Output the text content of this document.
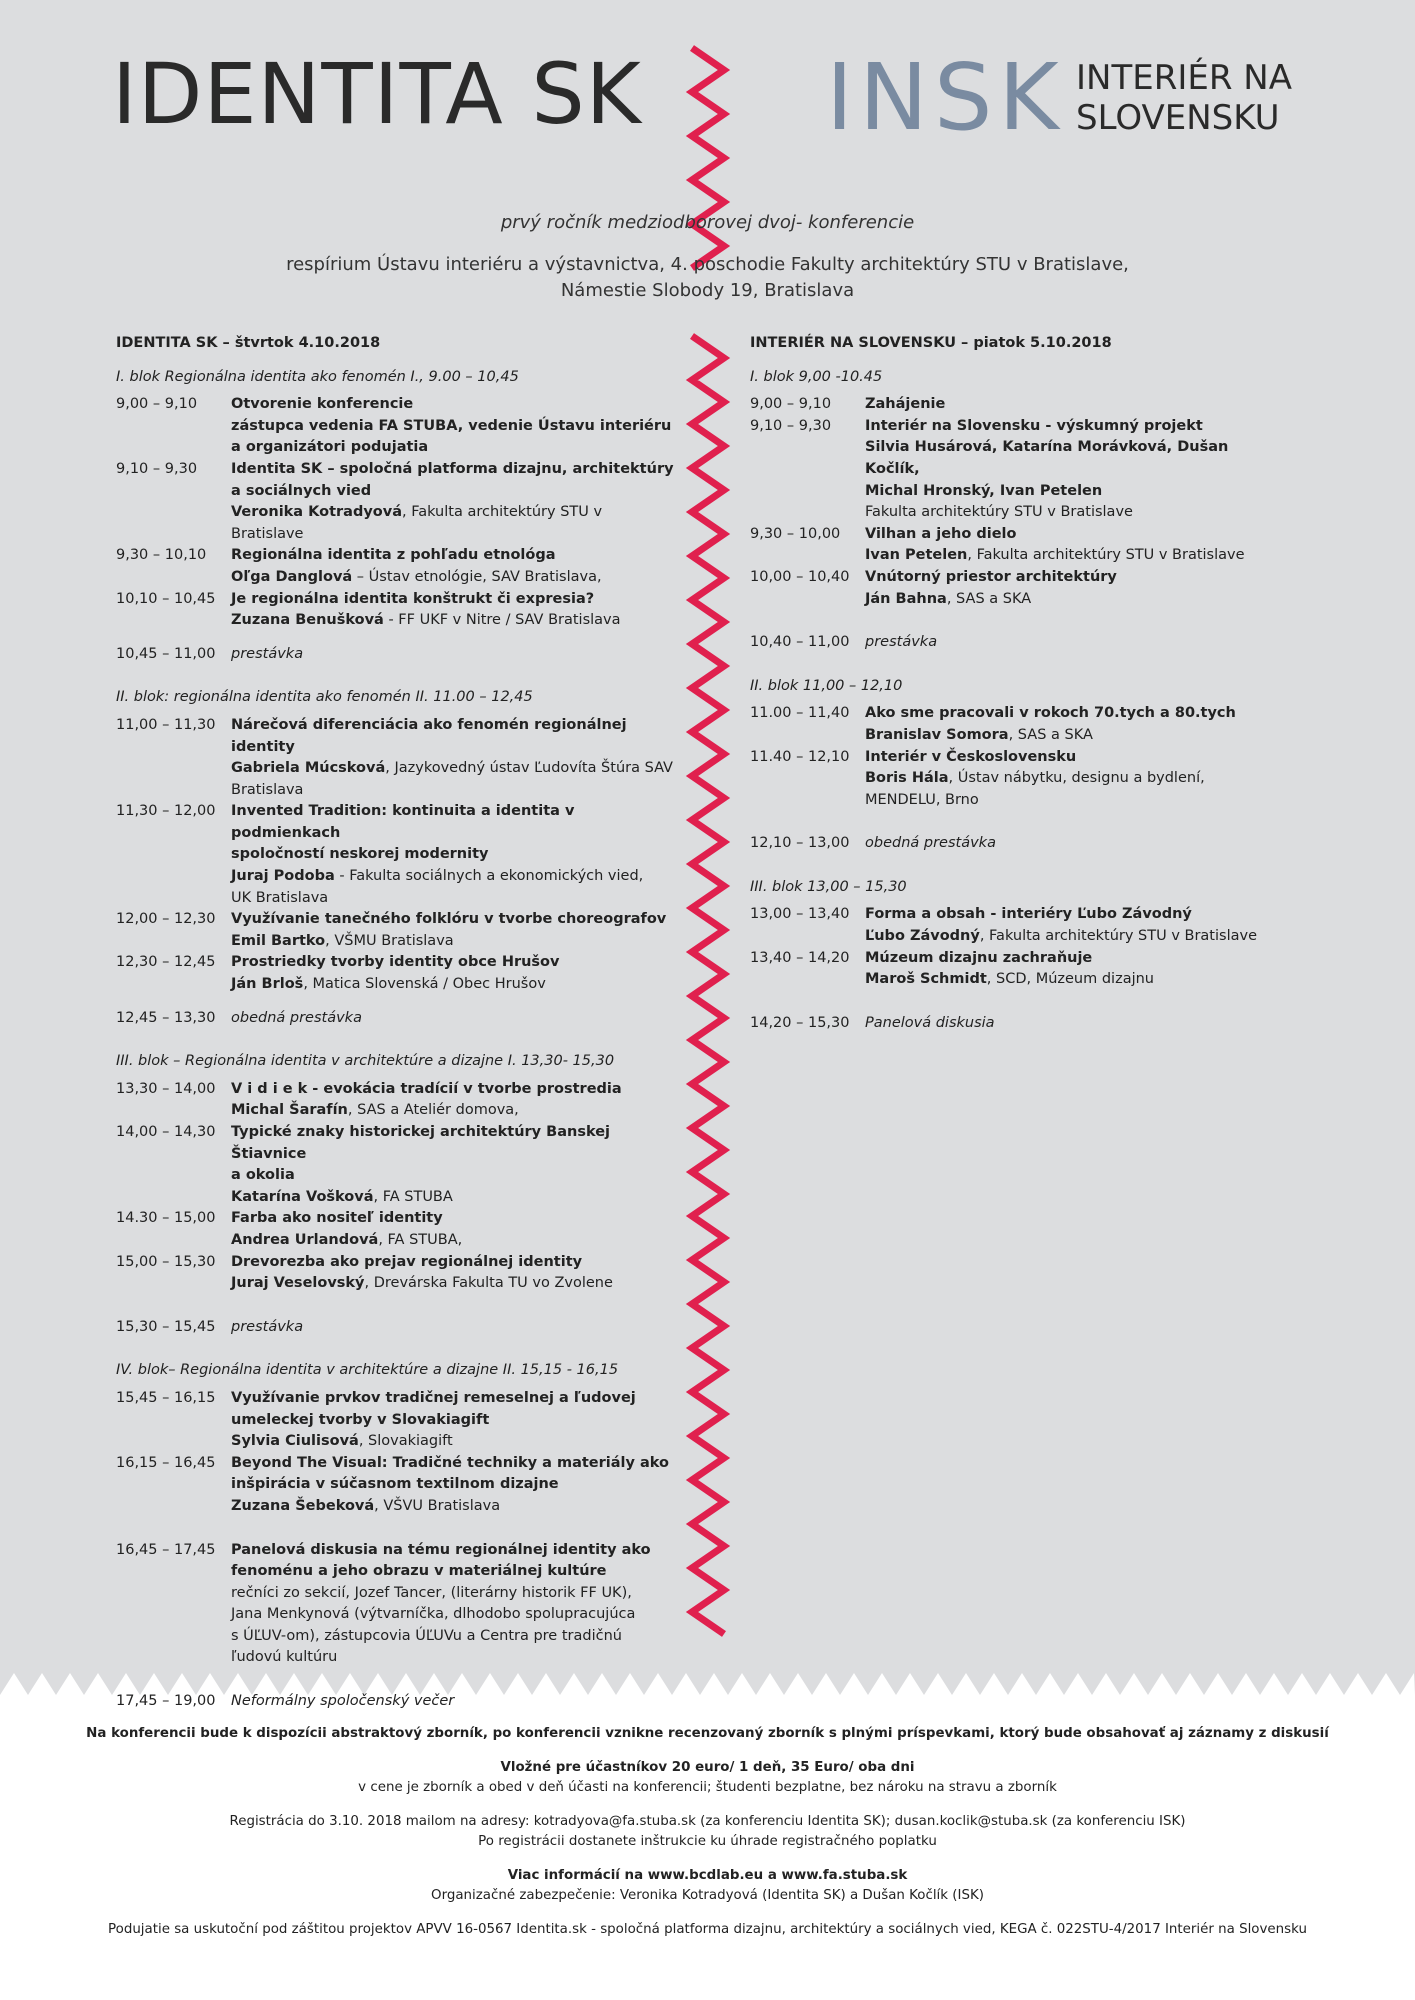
IDENTITA SK INSK INTERIÉR NA
SLOVENSKU
prvý ročník medziodborovej dvoj- konferencie
respírium Ústavu interiéru a výstavnictva, 4. poschodie Fakulty architektúry STU v Bratislave,
Námestie Slobody 19, Bratislava
IDENTITA SK – štvrtok 4.10.2018
I. blok Regionálna identita ako fenomén I., 9.00 – 10,45
9,00 – 9,10	Otvorenie konferencie
zástupca vedenia FA STUBA, vedenie Ústavu interiéru
a organizátori podujatia
9,10 – 9,30	Identita SK – spoločná platforma dizajnu, architektúry
a sociálnych vied
Veronika Kotradyová, Fakulta architektúry STU v Bratislave
9,30 – 10,10	Regionálna identita z pohľadu etnológa
Oľga Danglová – Ústav etnológie, SAV Bratislava,
10,10 – 10,45	Je regionálna identita konštrukt či expresia?
Zuzana Benušková - FF UKF v Nitre / SAV Bratislava
10,45 – 11,00	prestávka
II. blok: regionálna identita ako fenomén II. 11.00 – 12,45
11,00 – 11,30	Nárečová diferenciácia ako fenomén regionálnej identity
Gabriela Múcsková, Jazykovedný ústav Ľudovíta Štúra SAV
Bratislava
11,30 – 12,00	Invented Tradition: kontinuita a identita v podmienkach
spoločností neskorej modernity
Juraj Podoba - Fakulta sociálnych a ekonomických vied,
UK Bratislava
12,00 – 12,30	Využívanie tanečného folklóru v tvorbe choreografov
Emil Bartko, VŠMU Bratislava
12,30 – 12,45	Prostriedky tvorby identity obce Hrušov
Ján Brloš, Matica Slovenská / Obec Hrušov
12,45 – 13,30	obedná prestávka
III. blok – Regionálna identita v architektúre a dizajne I. 13,30- 15,30
13,30 – 14,00	V i d i e k - evokácia tradícií v tvorbe prostredia
Michal Šarafín, SAS a Ateliér domova,
14,00 – 14,30	Typické znaky historickej architektúry Banskej Štiavnice
a okolia
Katarína Vošková, FA STUBA
14.30 – 15,00	Farba ako nositeľ identity
Andrea Urlandová, FA STUBA,
15,00 – 15,30	Drevorezba ako prejav regionálnej identity
Juraj Veselovský, Drevárska Fakulta TU vo Zvolene
15,30 – 15,45	prestávka
IV. blok– Regionálna identita v architektúre a dizajne II. 15,15 - 16,15
15,45 – 16,15	Využívanie prvkov tradičnej remeselnej a ľudovej
umeleckej tvorby v Slovakiagift
Sylvia Ciulisová, Slovakiagift
16,15 – 16,45	Beyond The Visual: Tradičné techniky a materiály ako
inšpirácia v súčasnom textilnom dizajne
Zuzana Šebeková, VŠVU Bratislava
16,45 – 17,45	Panelová diskusia na tému regionálnej identity ako
fenoménu a jeho obrazu v materiálnej kultúre
rečníci zo sekcií, Jozef Tancer, (literárny historik FF UK),
Jana Menkynová (výtvarníčka, dlhodobo spolupracujúca
s ÚĽUV-om), zástupcovia ÚĽUVu a Centra pre tradičnú
ľudovú kultúru
17,45 – 19,00	Neformálny spoločenský večer
INTERIÉR NA SLOVENSKU – piatok 5.10.2018
I. blok 9,00 -10.45
9,00 – 9,10	Zahájenie
9,10 – 9,30	Interiér na Slovensku - výskumný projekt
Silvia Husárová, Katarína Morávková, Dušan Kočlík,
Michal Hronský, Ivan Petelen
Fakulta architektúry STU v Bratislave
9,30 – 10,00	Vilhan a jeho dielo
Ivan Petelen, Fakulta architektúry STU v Bratislave
10,00 – 10,40	Vnútorný priestor architektúry
Ján Bahna, SAS a SKA
10,40 – 11,00	prestávka
II. blok 11,00 – 12,10
11.00 – 11,40	Ako sme pracovali v rokoch 70.tych a 80.tych
Branislav Somora, SAS a SKA
11.40 – 12,10	Interiér v Československu
Boris Hála, Ústav nábytku, designu a bydlení,
MENDELU, Brno
12,10 – 13,00	obedná prestávka
III. blok 13,00 – 15,30
13,00 – 13,40	Forma a obsah - interiéry Ľubo Závodný
Ľubo Závodný, Fakulta architektúry STU v Bratislave
13,40 – 14,20	Múzeum dizajnu zachraňuje
Maroš Schmidt, SCD, Múzeum dizajnu
14,20 – 15,30	Panelová diskusia

Na konferencii bude k dispozícii abstraktový zborník, po konferencii vznikne recenzovaný zborník s plnými príspevkami, ktorý bude obsahovať aj záznamy z diskusií

Vložné pre účastníkov 20 euro/ 1 deň, 35 Euro/ oba dni

v cene je zborník a obed v deň účasti na konferencii; študenti bezplatne, bez nároku na stravu a zborník

Registrácia do 3.10. 2018 mailom na adresy: kotradyova@fa.stuba.sk (za konferenciu Identita SK); dusan.koclik@stuba.sk (za konferenciu ISK)

Po registrácii dostanete inštrukcie ku úhrade registračného poplatku

Viac informácií na www.bcdlab.eu a www.fa.stuba.sk

Organizačné zabezpečenie: Veronika Kotradyová (Identita SK) a Dušan Kočlík (ISK)

Podujatie sa uskutoční pod záštitou projektov APVV 16-0567 Identita.sk - spoločná platforma dizajnu, architektúry a sociálnych vied, KEGA č. 022STU-4/2017 Interiér na Slovensku
